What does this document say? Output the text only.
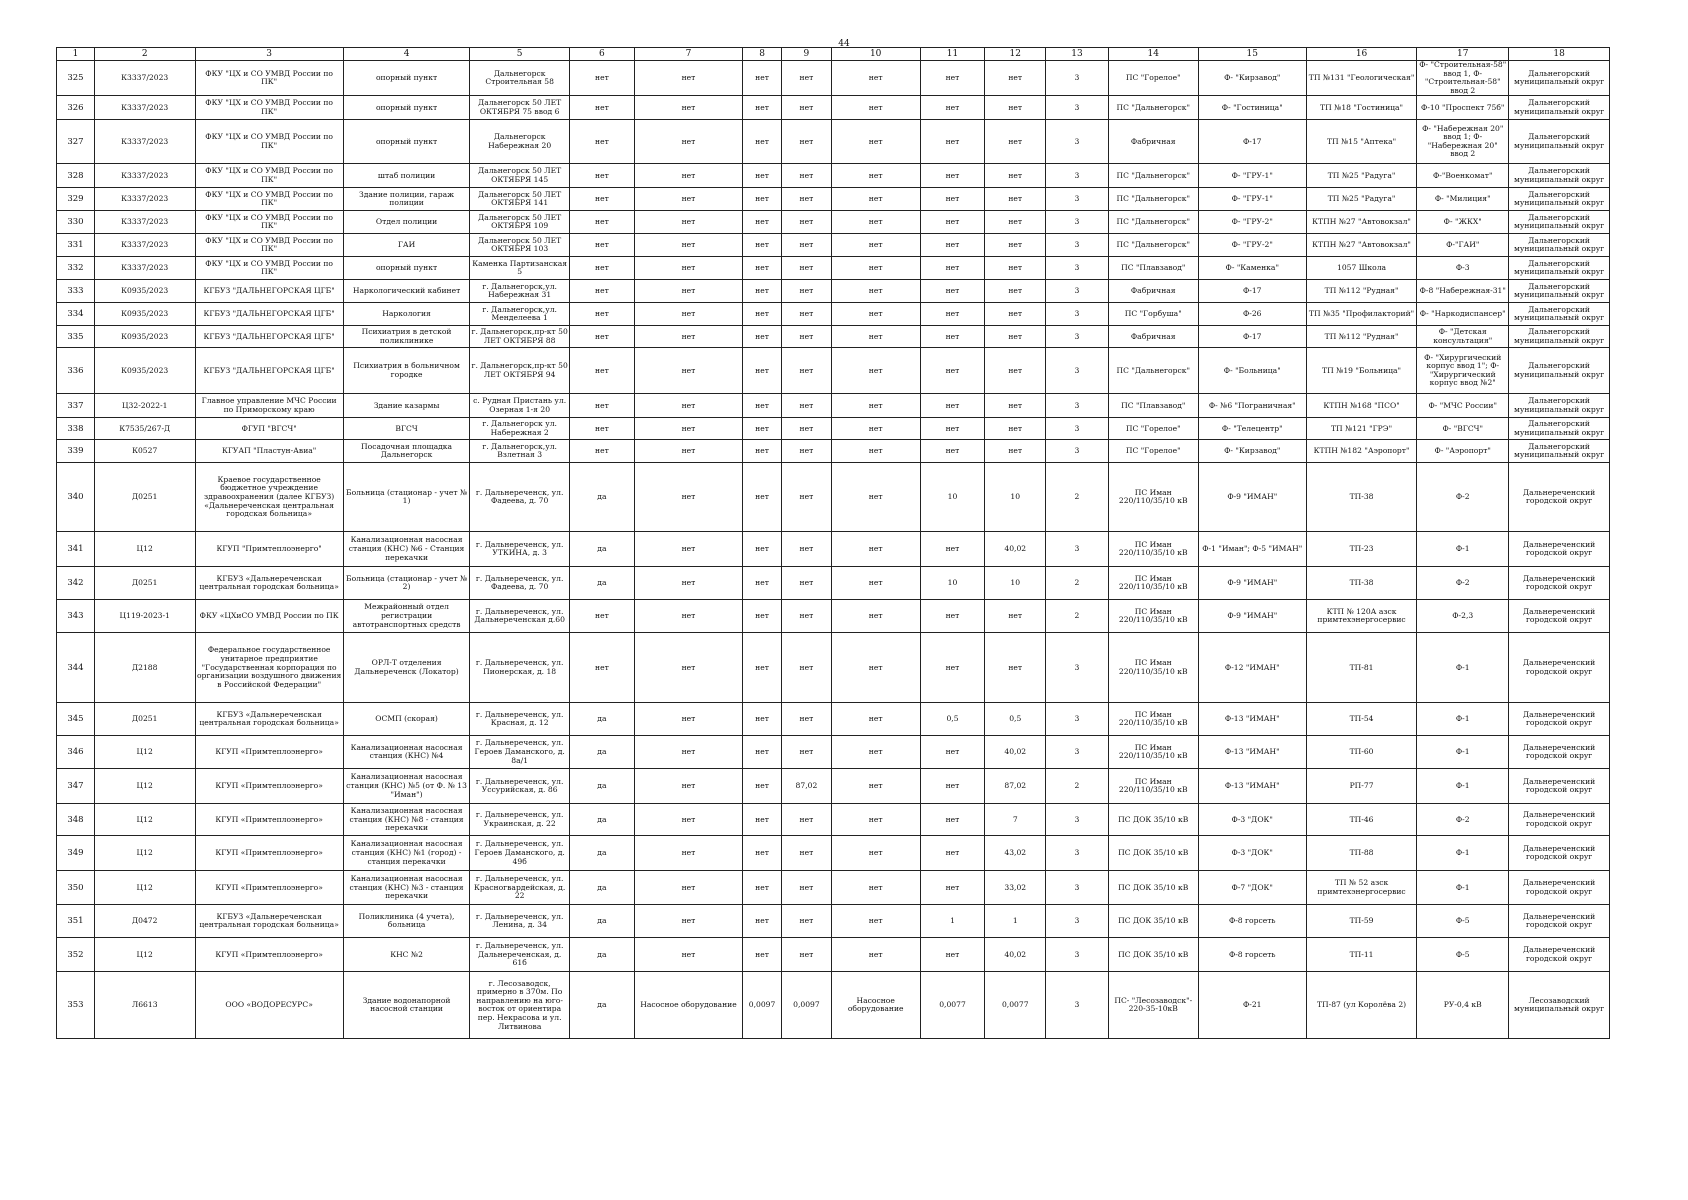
44
1	2	3	4	5	6	7	8	9	10	11	12	13	14	15	16	17	18
325	К3337/2023	ФКУ "ЦХ и СО УМВД России по ПК"	опорный пункт	Дальнегорск Строительная 58	нет	нет	нет	нет	нет	нет	нет	3	ПС "Горелое"	Ф- "Кирзавод"	ТП №131 "Геологическая"	Ф- "Строительная-58" ввод 1, Ф-"Строительная-58" ввод 2	Дальнегорский муниципальный округ
326	К3337/2023	ФКУ "ЦХ и СО УМВД России по ПК"	опорный пункт	Дальнегорск 50 ЛЕТ ОКТЯБРЯ 75 ввод 6	нет	нет	нет	нет	нет	нет	нет	3	ПС "Дальнегорск"	Ф- "Гостиница"	ТП №18 "Гостиница"	Ф-10 "Проспект 75б"	Дальнегорский муниципальный округ
327	К3337/2023	ФКУ "ЦХ и СО УМВД России по ПК"	опорный пункт	Дальнегорск Набережная 20	нет	нет	нет	нет	нет	нет	нет	3	Фабричная	Ф-17	ТП №15 "Аптека"	Ф- "Набережная 20" ввод 1; Ф- "Набережная 20" ввод 2	Дальнегорский муниципальный округ
328	К3337/2023	ФКУ "ЦХ и СО УМВД России по ПК"	штаб полиции	Дальнегорск 50 ЛЕТ ОКТЯБРЯ 145	нет	нет	нет	нет	нет	нет	нет	3	ПС "Дальнегорск"	Ф- "ГРУ-1"	ТП №25 "Радуга"	Ф-"Военкомат"	Дальнегорский муниципальный округ
329	К3337/2023	ФКУ "ЦХ и СО УМВД России по ПК"	Здание полиции, гараж полиции	Дальнегорск 50 ЛЕТ ОКТЯБРЯ 141	нет	нет	нет	нет	нет	нет	нет	3	ПС "Дальнегорск"	Ф- "ГРУ-1"	ТП №25 "Радуга"	Ф- "Милиция"	Дальнегорский муниципальный округ
330	К3337/2023	ФКУ "ЦХ и СО УМВД России по ПК"	Отдел полиции	Дальнегорск 50 ЛЕТ ОКТЯБРЯ 109	нет	нет	нет	нет	нет	нет	нет	3	ПС "Дальнегорск"	Ф- "ГРУ-2"	КТПН №27 "Автовокзал"	Ф- "ЖКХ"	Дальнегорский муниципальный округ
331	К3337/2023	ФКУ "ЦХ и СО УМВД России по ПК"	ГАИ	Дальнегорск 50 ЛЕТ ОКТЯБРЯ 103	нет	нет	нет	нет	нет	нет	нет	3	ПС "Дальнегорск"	Ф- "ГРУ-2"	КТПН №27 "Автовокзал"	Ф-"ГАИ"	Дальнегорский муниципальный округ
332	К3337/2023	ФКУ "ЦХ и СО УМВД России по ПК"	опорный пункт	Каменка Партизанская 5	нет	нет	нет	нет	нет	нет	нет	3	ПС "Плавзавод"	Ф- "Каменка"	1057 Школа	Ф-3	Дальнегорский муниципальный округ
333	К0935/2023	КГБУЗ "ДАЛЬНЕГОРСКАЯ ЦГБ"	Наркологический кабинет	г. Дальнегорск,ул. Набережная 31	нет	нет	нет	нет	нет	нет	нет	3	Фабричная	Ф-17	ТП №112 "Рудная"	Ф-8 "Набережная-31"	Дальнегорский муниципальный округ
334	К0935/2023	КГБУЗ "ДАЛЬНЕГОРСКАЯ ЦГБ"	Наркология	г. Дальнегорск,ул. Менделеева 1	нет	нет	нет	нет	нет	нет	нет	3	ПС "Горбуша"	Ф-26	ТП №35 "Профилакторий"	Ф- "Наркодиспансер"	Дальнегорский муниципальный округ
335	К0935/2023	КГБУЗ "ДАЛЬНЕГОРСКАЯ ЦГБ"	Психиатрия в детской поликлинике	г. Дальнегорск,пр-кт 50 ЛЕТ ОКТЯБРЯ 88	нет	нет	нет	нет	нет	нет	нет	3	Фабричная	Ф-17	ТП №112 "Рудная"	Ф- "Детская консультация"	Дальнегорский муниципальный округ
336	К0935/2023	КГБУЗ "ДАЛЬНЕГОРСКАЯ ЦГБ"	Психиатрия в больничном городке	г. Дальнегорск,пр-кт 50 ЛЕТ ОКТЯБРЯ 94	нет	нет	нет	нет	нет	нет	нет	3	ПС "Дальнегорск"	Ф- "Больница"	ТП №19 "Больница"	Ф- "Хирургический корпус ввод 1"; Ф- "Хирургический корпус ввод №2"	Дальнегорский муниципальный округ
337	Ц32-2022-1	Главное управление МЧС России по Приморскому краю	Здание казармы	с. Рудная Пристань ул. Озерная 1-я 20	нет	нет	нет	нет	нет	нет	нет	3	ПС "Плавзавод"	Ф- №6 "Пограничная"	КТПН №168 "ПСО"	Ф- "МЧС России"	Дальнегорский муниципальный округ
338	К7535/267-Д	ФГУП "ВГСЧ"	ВГСЧ	г. Дальнегорск ул. Набережная 2	нет	нет	нет	нет	нет	нет	нет	3	ПС "Горелое"	Ф- "Телецентр"	ТП №121 "ГРЭ"	Ф- "ВГСЧ"	Дальнегорский муниципальный округ
339	К0527	КГУАП "Пластун-Авиа"	Посадочная площадка Дальнегорск	г. Дальнегорск,ул. Взлетная 3	нет	нет	нет	нет	нет	нет	нет	3	ПС "Горелое"	Ф- "Кирзавод"	КТПН №182 "Аэропорт"	Ф- "Аэропорт"	Дальнегорский муниципальный округ
340	Д0251	Краевое государственное бюджетное учреждение здравоохранения (далее КГБУЗ) «Дальнереченская центральная городская больница»	Больница (стационар - учет № 1)	г. Дальнереченск, ул. Фадеева, д. 70	да	нет	нет	нет	нет	10	10	2	ПС Иман 220/110/35/10 кВ	Ф-9 "ИМАН"	ТП-38	Ф-2	Дальнереченский городской округ
341	Ц12	КГУП "Примтеплоэнерго"	Канализационная насосная станция (КНС) №6 - Станция перекачки	г. Дальнереченск, ул. УТКИНА, д. 3	да	нет	нет	нет	нет	нет	40,02	3	ПС Иман 220/110/35/10 кВ	Ф-1 "Иман"; Ф-5 "ИМАН"	ТП-23	Ф-1	Дальнереченский городской округ
342	Д0251	КГБУЗ «Дальнереченская центральная городская больница»	Больница (стационар - учет № 2)	г. Дальнереченск, ул. Фадеева, д. 70	да	нет	нет	нет	нет	10	10	2	ПС Иман 220/110/35/10 кВ	Ф-9 "ИМАН"	ТП-38	Ф-2	Дальнереченский городской округ
343	Ц119-2023-1	ФКУ «ЦХиСО УМВД России по ПК	Межрайонный отдел регистрации автотранспортных средств	г. Дальнереченск, ул. Дальнереченская д.60	нет	нет	нет	нет	нет	нет	нет	2	ПС Иман 220/110/35/10 кВ	Ф-9 "ИМАН"	КТП № 120А азск примтехэнергосервис	Ф-2,3	Дальнереченский городской округ
344	Д2188	Федеральное государственное унитарное предприятие "Государственная корпорация по организации воздушного движения в Российской Федерации"	ОРЛ-Т отделения Дальнереченск (Локатор)	г. Дальнереченск, ул. Пионерская, д. 18	нет	нет	нет	нет	нет	нет	нет	3	ПС Иман 220/110/35/10 кВ	Ф-12 "ИМАН"	ТП-81	Ф-1	Дальнереченский городской округ
345	Д0251	КГБУЗ «Дальнереченская центральная городская больница»	ОСМП (скорая)	г. Дальнереченск, ул. Красная, д. 12	да	нет	нет	нет	нет	0,5	0,5	3	ПС Иман 220/110/35/10 кВ	Ф-13 "ИМАН"	ТП-54	Ф-1	Дальнереченский городской округ
346	Ц12	КГУП «Примтеплоэнерго»	Канализационная насосная станция (КНС) №4	г. Дальнереченск, ул. Героев Даманского, д. 8а/1	да	нет	нет	нет	нет	нет	40,02	3	ПС Иман 220/110/35/10 кВ	Ф-13 "ИМАН"	ТП-60	Ф-1	Дальнереченский городской округ
347	Ц12	КГУП «Примтеплоэнерго»	Канализационная насосная станция (КНС) №5 (от Ф. № 13 "Иман")	г. Дальнереченск, ул. Уссурийская, д. 86	да	нет	нет	87,02	нет	нет	87,02	2	ПС Иман 220/110/35/10 кВ	Ф-13 "ИМАН"	РП-77	Ф-1	Дальнереченский городской округ
348	Ц12	КГУП «Примтеплоэнерго»	Канализационная насосная станция (КНС) №8 - станция перекачки	г. Дальнереченск, ул. Украинская, д. 22	да	нет	нет	нет	нет	нет	7	3	ПС ДОК 35/10 кВ	Ф-3 "ДОК"	ТП-46	Ф-2	Дальнереченский городской округ
349	Ц12	КГУП «Примтеплоэнерго»	Канализационная насосная станция (КНС) №1 (город) - станция перекачки	г. Дальнереченск, ул. Героев Даманского, д. 49б	да	нет	нет	нет	нет	нет	43,02	3	ПС ДОК 35/10 кВ	Ф-3 "ДОК"	ТП-88	Ф-1	Дальнереченский городской округ
350	Ц12	КГУП «Примтеплоэнерго»	Канализационная насосная станция (КНС) №3 - станция перекачки	г. Дальнереченск, ул. Красногвардейская, д. 22	да	нет	нет	нет	нет	нет	33,02	3	ПС ДОК 35/10 кВ	Ф-7 "ДОК"	ТП № 52 азск примтехэнергосервис	Ф-1	Дальнереченский городской округ
351	Д0472	КГБУЗ «Дальнереченская центральная городская больница»	Поликлиника (4 учета), больница	г. Дальнереченск, ул. Ленина, д. 34	да	нет	нет	нет	нет	1	1	3	ПС ДОК 35/10 кВ	Ф-8 горсеть	ТП-59	Ф-5	Дальнереченский городской округ
352	Ц12	КГУП «Примтеплоэнерго»	КНС №2	г. Дальнереченск, ул. Дальнереченская, д. 61б	да	нет	нет	нет	нет	нет	40,02	3	ПС ДОК 35/10 кВ	Ф-8 горсеть	ТП-11	Ф-5	Дальнереченский городской округ
353	Л6613	ООО «ВОДОРЕСУРС»	Здание водонапорной насосной станции	г. Лесозаводск, примерно в 370м. По направлению на юго-восток от ориентира пер. Некрасова и ул. Литвинова	да	Насосное оборудование	0,0097	0,0097	Насосное оборудование	0,0077	0,0077	3	ПС- "Лесозаводск"- 220-35-10кВ	Ф-21	ТП-87 (ул Королёва 2)	РУ-0,4 кВ	Лесозаводский муниципальный округ
